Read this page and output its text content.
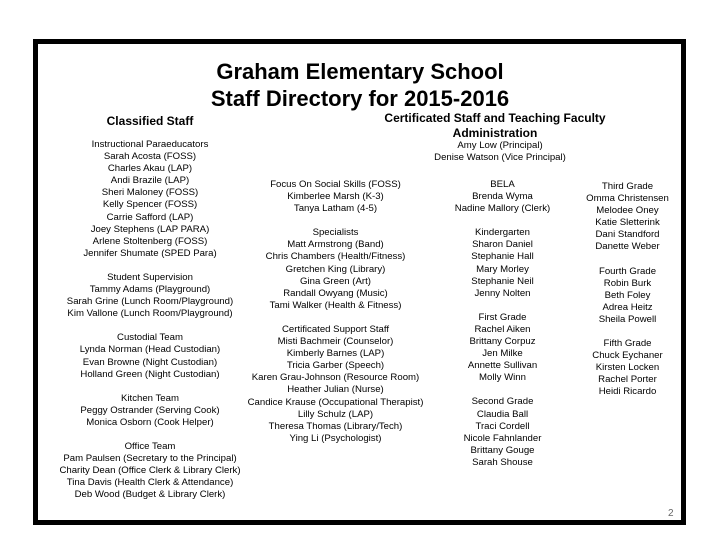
Graham Elementary School
Staff Directory for 2015-2016
Classified Staff	Certificated Staff and Teaching Faculty
Administration
Amy Low (Principal)
Denise Watson (Vice Principal)
Instructional Paraeducators
Sarah Acosta (FOSS)
Charles Akau (LAP)
Andi Brazile (LAP)
Sheri Maloney (FOSS)
Kelly Spencer (FOSS)
Carrie Safford (LAP)
Joey Stephens (LAP PARA)
Arlene Stoltenberg (FOSS)
Jennifer Shumate (SPED Para)
Student Supervision
Tammy Adams (Playground)
Sarah Grine (Lunch Room/Playground)
Kim Vallone (Lunch Room/Playground)
Custodial Team
Lynda Norman (Head Custodian)
Evan Browne (Night Custodian)
Holland Green (Night Custodian)
Kitchen Team
Peggy Ostrander (Serving Cook)
Monica Osborn (Cook Helper)
Office Team
Pam Paulsen (Secretary to the Principal)
Charity Dean (Office Clerk & Library Clerk)
Tina Davis (Health Clerk & Attendance)
Deb Wood (Budget & Library Clerk)
Focus On Social Skills (FOSS)
Kimberlee Marsh (K-3)
Tanya Latham (4-5)
Specialists
Matt Armstrong (Band)
Chris Chambers (Health/Fitness)
Gretchen King (Library)
Gina Green (Art)
Randall Owyang (Music)
Tami Walker (Health & Fitness)
Certificated Support Staff
Misti Bachmeir (Counselor)
Kimberly Barnes (LAP)
Tricia Garber (Speech)
Karen Grau-Johnson (Resource Room)
Heather Julian (Nurse)
Candice Krause (Occupational Therapist)
Lilly Schulz (LAP)
Theresa Thomas (Library/Tech)
Ying Li (Psychologist)
BELA
Brenda Wyma
Nadine Mallory (Clerk)
Kindergarten
Sharon Daniel
Stephanie Hall
Mary Morley
Stephanie Neil
Jenny Nolten
First Grade
Rachel Aiken
Brittany Corpuz
Jen Milke
Annette Sullivan
Molly Winn
Second Grade
Claudia Ball
Traci Cordell
Nicole Fahnlander
Brittany Gouge
Sarah Shouse
Third Grade
Omma Christensen
Melodee Oney
Katie Sletterink
Dani Standford
Danette Weber
Fourth Grade
Robin Burk
Beth Foley
Adrea Heitz
Sheila Powell
Fifth Grade
Chuck Eychaner
Kirsten Locken
Rachel Porter
Heidi Ricardo
2
